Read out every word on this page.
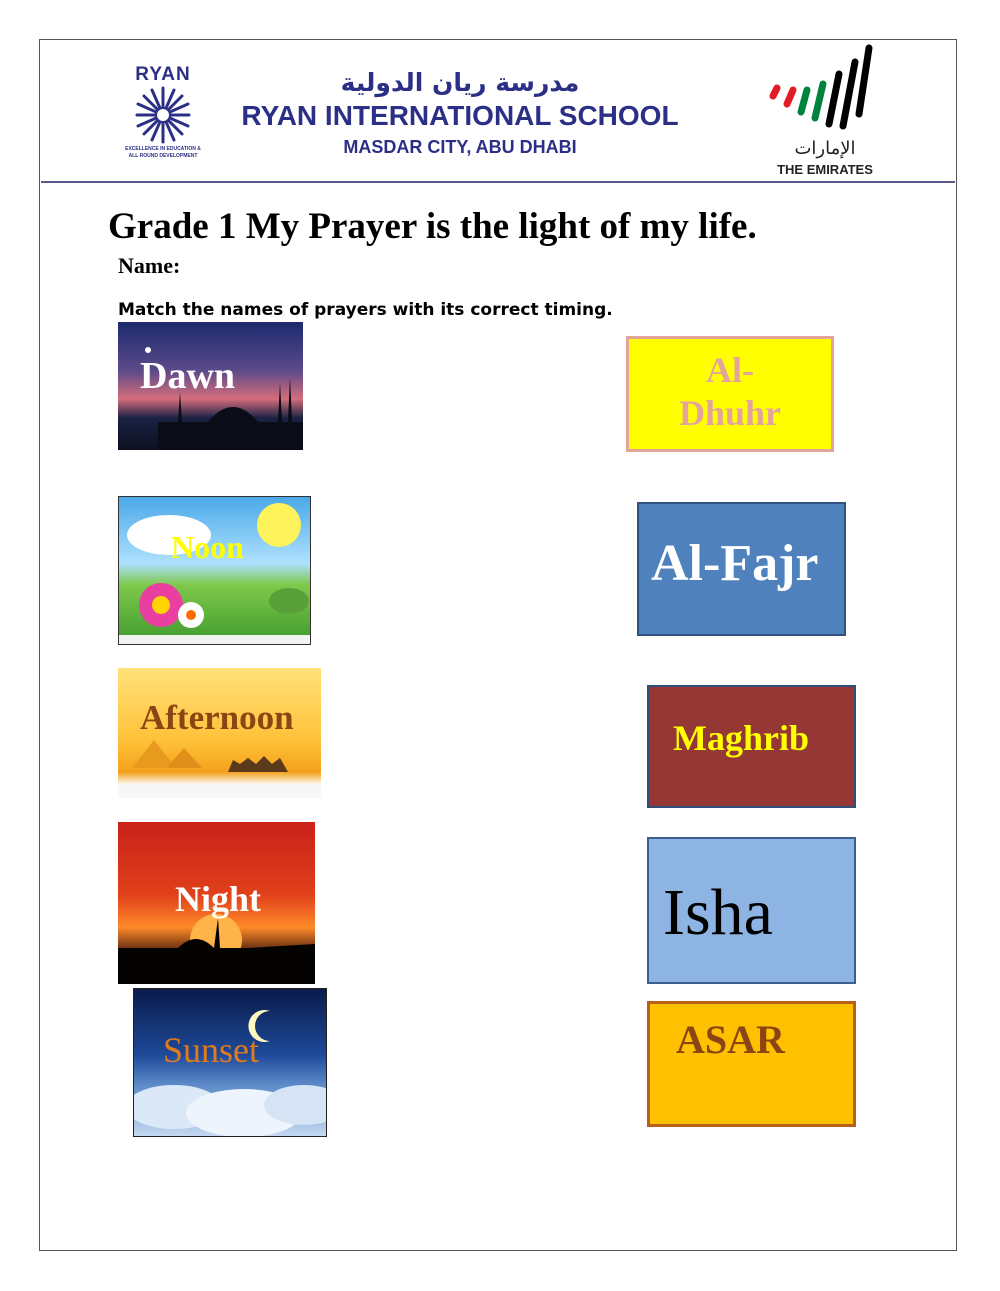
RYAN
EXCELLENCE IN EDUCATION & ALL ROUND DEVELOPMENT
مدرسة ريان الدولية
RYAN INTERNATIONAL SCHOOL
MASDAR CITY, ABU DHABI	الإمارات
THE EMIRATES
Grade 1 My Prayer is the light of my life.
Name:
Match the names of prayers with its correct timing.
Dawn
Noon
Afternoon
Night
Sunset
Al-
Dhuhr
Al-Fajr
Maghrib
Isha
ASAR
